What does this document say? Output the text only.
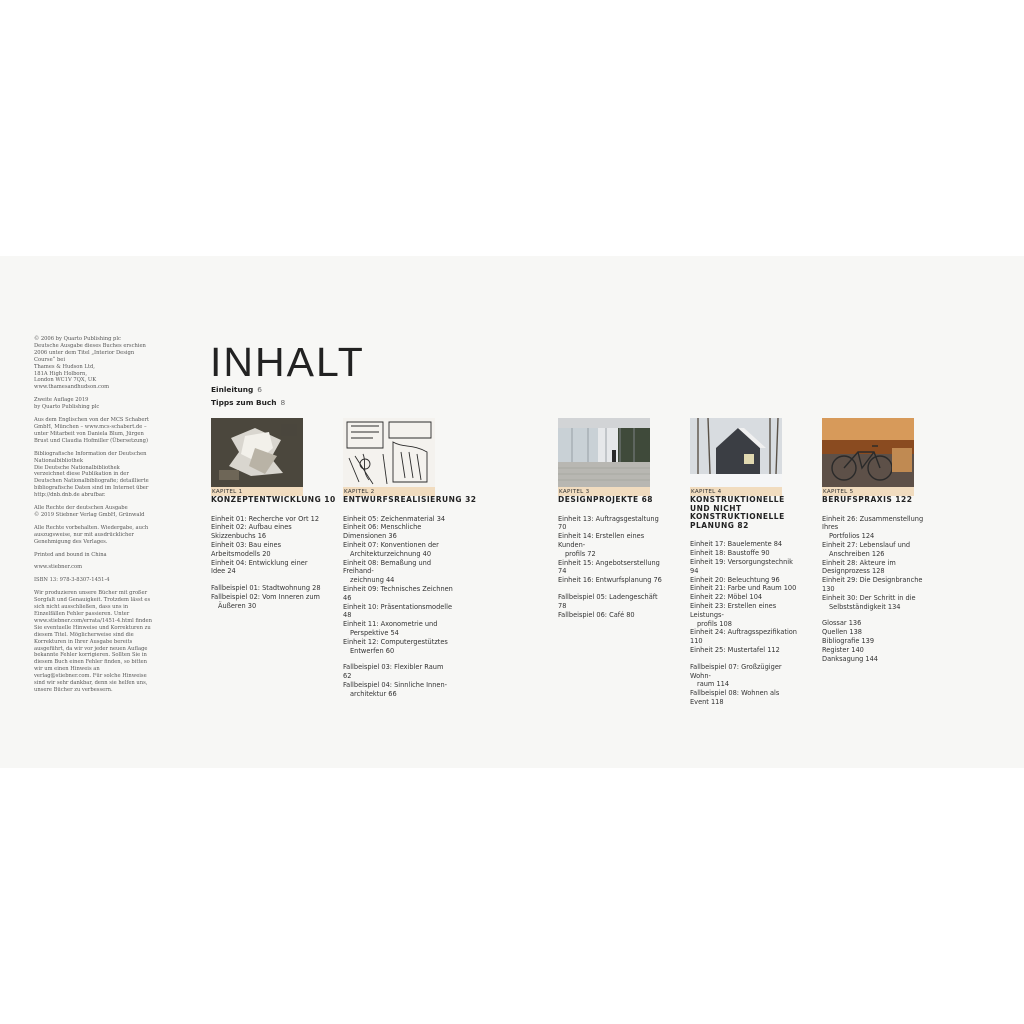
© 2006 by Quarto Publishing plc
Deutsche Ausgabe dieses Buches erschien 2006 unter dem Titel „Interior Design Course“ bei
Thames & Hudson Ltd,
181A High Holborn,
London WC1V 7QX, UK
www.thamesandhudson.com

Zweite Auflage 2019
by Quarto Publishing plc

Aus dem Englischen von der MCS Schabert GmbH, München – www.mcs-schabert.de – unter Mitarbeit von Daniela Blum, Jürgen Brust und Claudia Hofmiller (Übersetzung)

Bibliografische Information der Deutschen Nationalbibliothek
Die Deutsche Nationalbibliothek verzeichnet diese Publikation in der Deutschen Nationalbibliografie; detaillierte bibliografische Daten sind im Internet über http://dnb.dnb.de abrufbar.

Alle Rechte der deutschen Ausgabe
© 2019 Stiebner Verlag GmbH, Grünwald

Alle Rechte vorbehalten. Wiedergabe, auch auszugsweise, nur mit ausdrücklicher Genehmigung des Verlages.

Printed and bound in China

www.stiebner.com

ISBN 13: 978-3-8307-1451-4

Wir produzieren unsere Bücher mit großer Sorgfalt und Genauigkeit. Trotzdem lässt es sich nicht ausschließen, dass uns in Einzelfällen Fehler passieren. Unter www.stiebner.com/errata/1451-4.html finden Sie eventuelle Hinweise und Korrekturen zu diesem Titel. Möglicherweise sind die Korrekturen in Ihrer Ausgabe bereits ausgeführt, da wir vor jeder neuen Auflage bekannte Fehler korrigieren. Sollten Sie in diesem Buch einen Fehler finden, so bitten wir um einen Hinweis an verlag@stiebner.com. Für solche Hinweise sind wir sehr dankbar, denn sie helfen uns, unsere Bücher zu verbessern.

INHALT
Einleitung 6
Tipps zum Buch 8
KAPITEL 1
KONZEPTENTWICKLUNG 10
Einheit 01: Recherche vor Ort 12
Einheit 02: Aufbau eines Skizzenbuchs 16
Einheit 03: Bau eines Arbeitsmodells 20
Einheit 04: Entwicklung einer Idee 24
Fallbeispiel 01: Stadtwohnung 28
Fallbeispiel 02: Vom Inneren zum
Äußeren 30
KAPITEL 2
ENTWURFSREALISIERUNG 32
Einheit 05: Zeichenmaterial 34
Einheit 06: Menschliche Dimensionen 36
Einheit 07: Konventionen der
Architekturzeichnung 40
Einheit 08: Bemaßung und Freihand-
zeichnung 44
Einheit 09: Technisches Zeichnen 46
Einheit 10: Präsentationsmodelle 48
Einheit 11: Axonometrie und
Perspektive 54
Einheit 12: Computergestütztes
Entwerfen 60
Fallbeispiel 03: Flexibler Raum 62
Fallbeispiel 04: Sinnliche Innen-
architektur 66
KAPITEL 3
DESIGNPROJEKTE 68
Einheit 13: Auftragsgestaltung 70
Einheit 14: Erstellen eines Kunden-
profils 72
Einheit 15: Angebotserstellung 74
Einheit 16: Entwurfsplanung 76
Fallbeispiel 05: Ladengeschäft 78
Fallbeispiel 06: Café 80
KAPITEL 4
KONSTRUKTIONELLE UND NICHT KONSTRUKTIONELLE PLANUNG 82
Einheit 17: Bauelemente 84
Einheit 18: Baustoffe 90
Einheit 19: Versorgungstechnik 94
Einheit 20: Beleuchtung 96
Einheit 21: Farbe und Raum 100
Einheit 22: Möbel 104
Einheit 23: Erstellen eines Leistungs-
profils 108
Einheit 24: Auftragsspezifikation 110
Einheit 25: Mustertafel 112
Fallbeispiel 07: Großzügiger Wohn-
raum 114
Fallbeispiel 08: Wohnen als Event 118
KAPITEL 5
BERUFSPRAXIS 122
Einheit 26: Zusammenstellung Ihres
Portfolios 124
Einheit 27: Lebenslauf und
Anschreiben 126
Einheit 28: Akteure im Designprozess 128
Einheit 29: Die Designbranche 130
Einheit 30: Der Schritt in die
Selbstständigkeit 134
Glossar 136
Quellen 138
Bibliografie 139
Register 140
Danksagung 144
